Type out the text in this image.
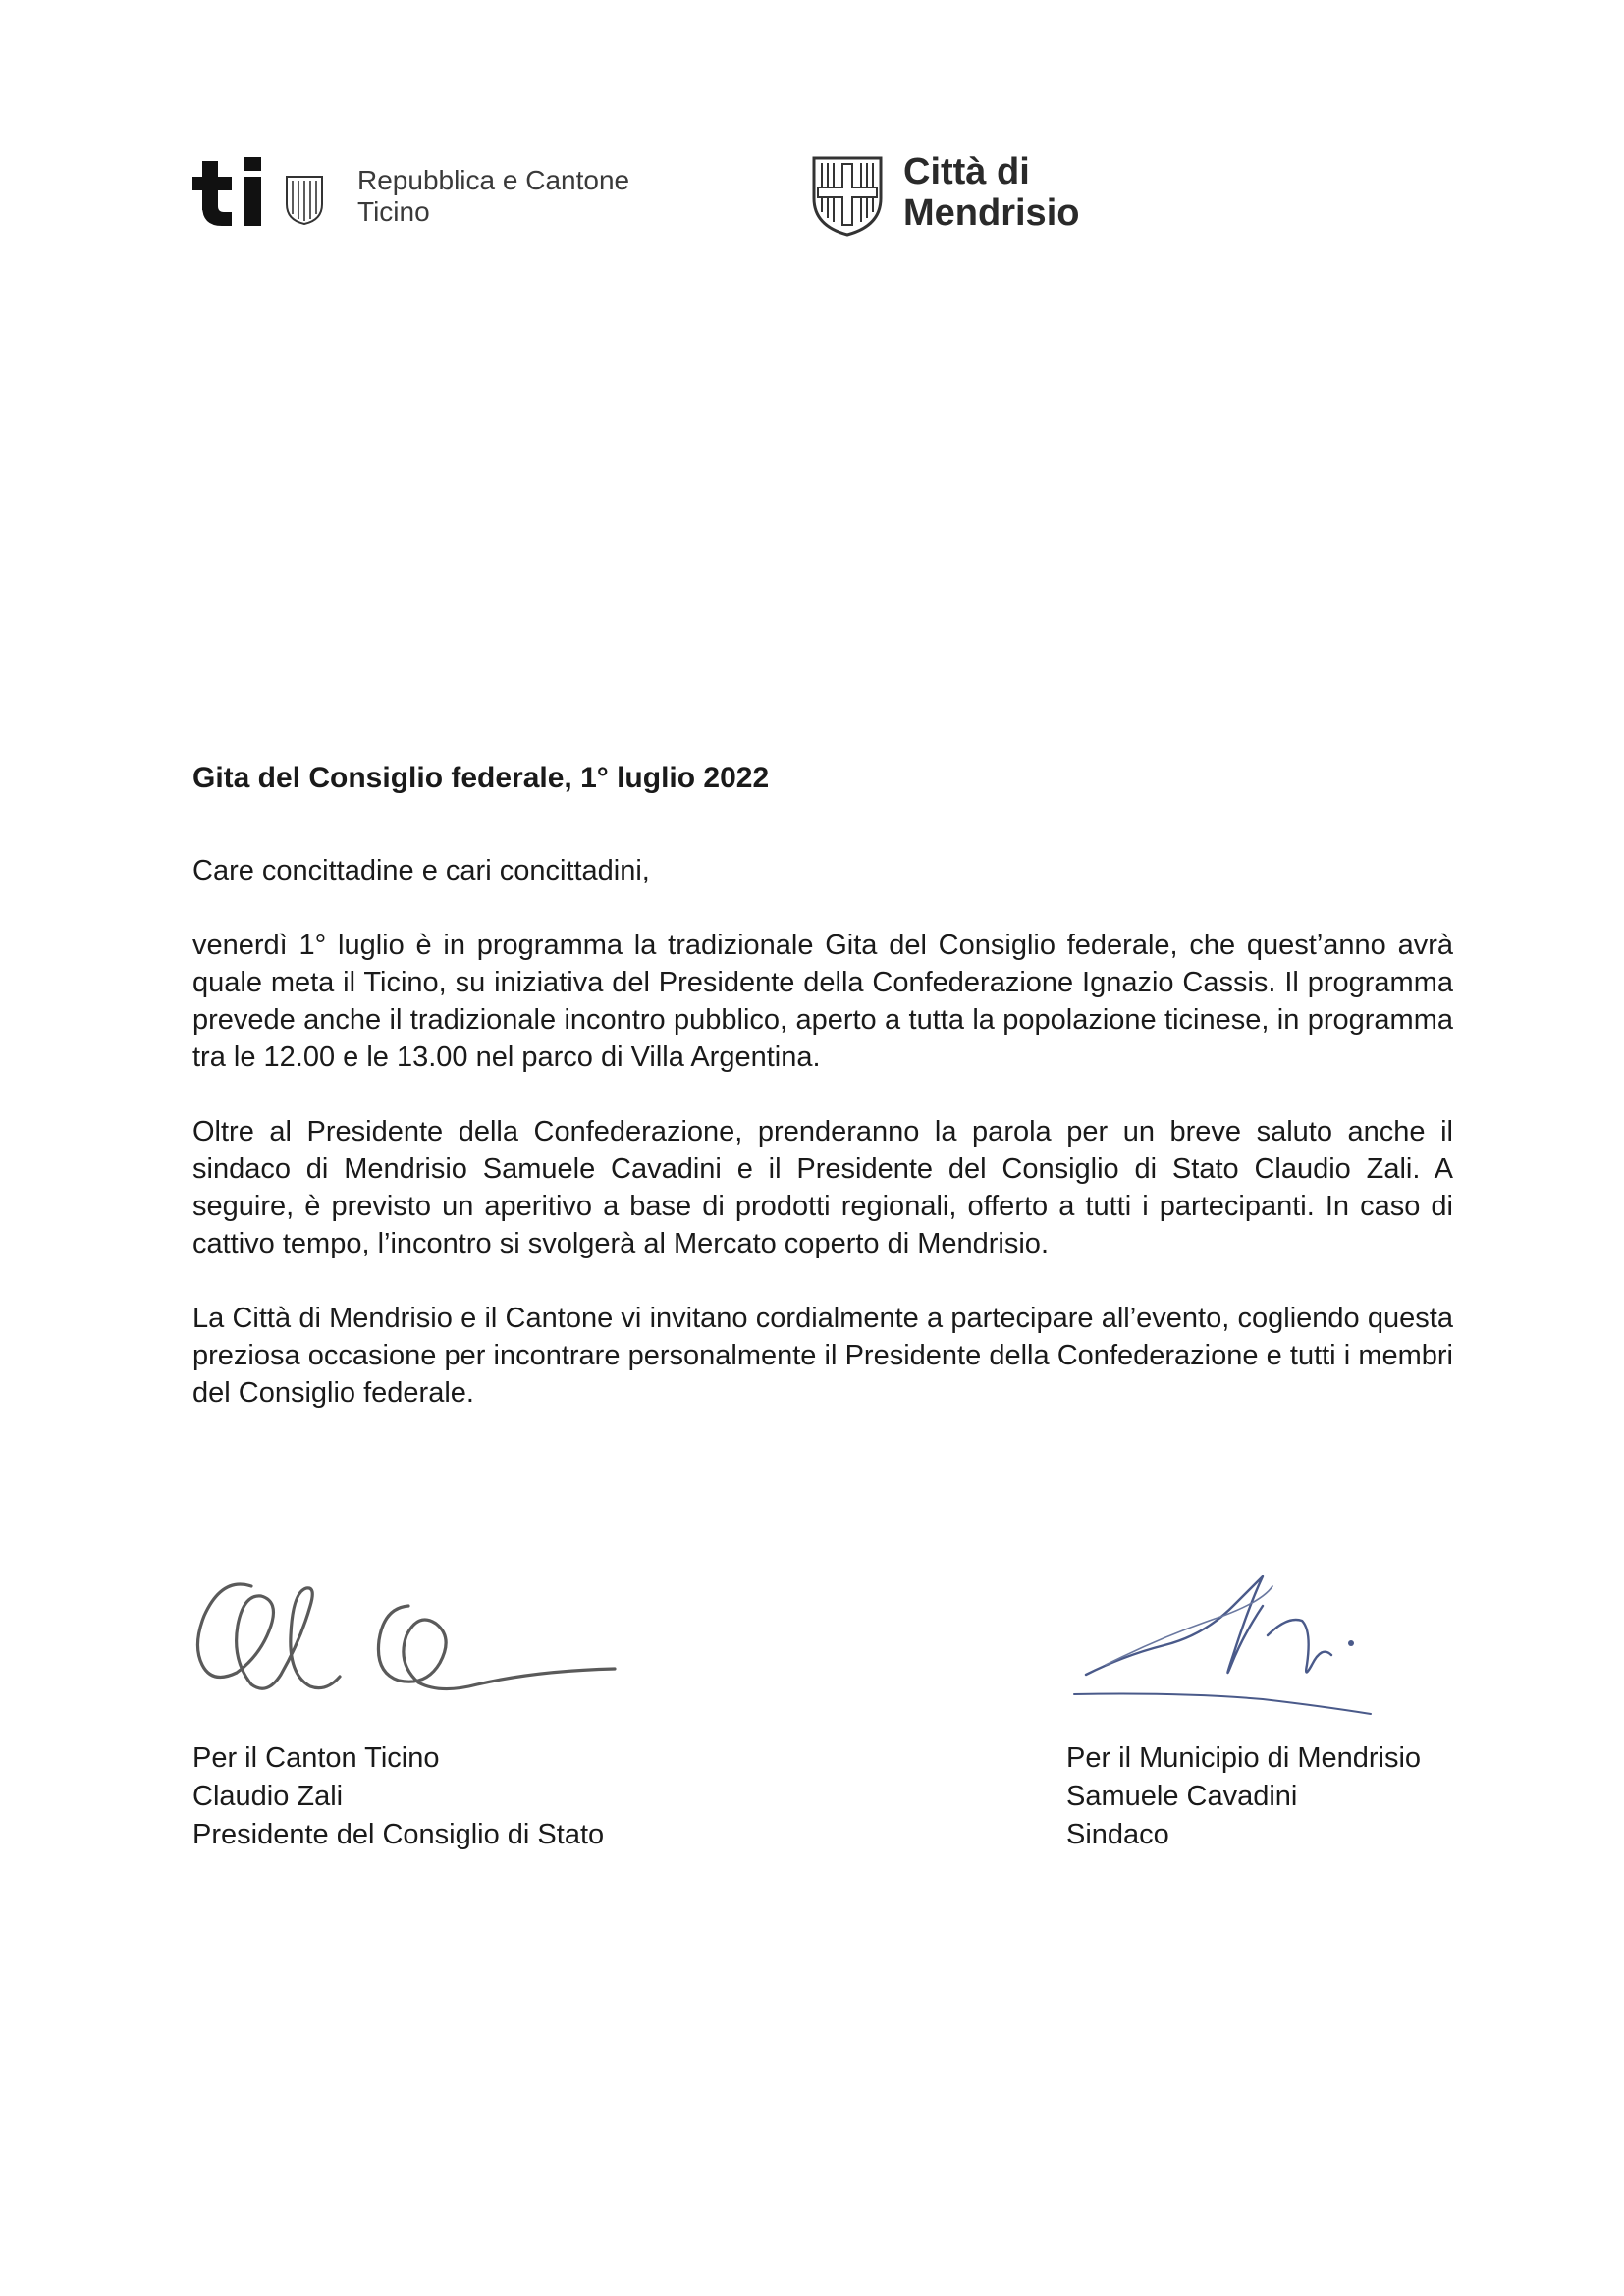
Repubblica e Cantone
Ticino
Città di
Mendrisio

Gita del Consiglio federale, 1° luglio 2022

Care concittadine e cari concittadini,

venerdì 1° luglio è in programma la tradizionale Gita del Consiglio federale, che quest’anno avrà quale meta il Ticino, su iniziativa del Presidente della Confederazione Ignazio Cassis. Il programma prevede anche il tradizionale incontro pubblico, aperto a tutta la popolazione ticinese, in programma tra le 12.00 e le 13.00 nel parco di Villa Argentina.

Oltre al Presidente della Confederazione, prenderanno la parola per un breve saluto anche il sindaco di Mendrisio Samuele Cavadini e il Presidente del Consiglio di Stato Claudio Zali. A seguire, è previsto un aperitivo a base di prodotti regionali, offerto a tutti i partecipanti. In caso di cattivo tempo, l’incontro si svolgerà al Mercato coperto di Mendrisio.

La Città di Mendrisio e il Cantone vi invitano cordialmente a partecipare all’evento, cogliendo questa preziosa occasione per incontrare personalmente il Presidente della Confederazione e tutti i membri del Consiglio federale.

Per il Canton Ticino
Claudio Zali
Presidente del Consiglio di Stato
Per il Municipio di Mendrisio
Samuele Cavadini
Sindaco
